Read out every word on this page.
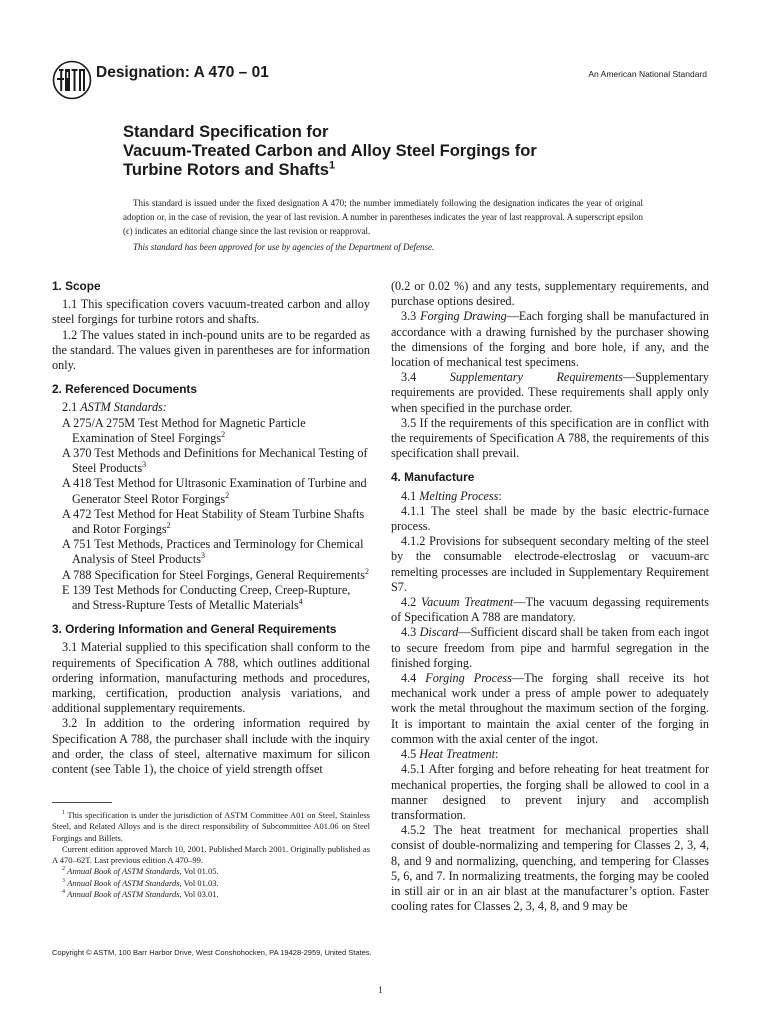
Designation: A 470 – 01	An American National Standard
Standard Specification for
Vacuum-Treated Carbon and Alloy Steel Forgings for
Turbine Rotors and Shafts$^1$
This standard is issued under the fixed designation A 470; the number immediately following the designation indicates the year of original adoption or, in the case of revision, the year of last revision. A number in parentheses indicates the year of last reapproval. A superscript epsilon (ϵ) indicates an editorial change since the last revision or reapproval.
This standard has been approved for use by agencies of the Department of Defense.
1. Scope

1.1 This specification covers vacuum-treated carbon and alloy steel forgings for turbine rotors and shafts.

1.2 The values stated in inch-pound units are to be regarded as the standard. The values given in parentheses are for information only.

2. Referenced Documents

2.1 ASTM Standards:

A 275/A 275M Test Method for Magnetic Particle Examination of Steel Forgings$^2$

A 370 Test Methods and Definitions for Mechanical Testing of Steel Products$^3$

A 418 Test Method for Ultrasonic Examination of Turbine and Generator Steel Rotor Forgings$^2$

A 472 Test Method for Heat Stability of Steam Turbine Shafts and Rotor Forgings$^2$

A 751 Test Methods, Practices and Terminology for Chemical Analysis of Steel Products$^3$

A 788 Specification for Steel Forgings, General Requirements$^2$

E 139 Test Methods for Conducting Creep, Creep-Rupture, and Stress-Rupture Tests of Metallic Materials$^4$

3. Ordering Information and General Requirements

3.1 Material supplied to this specification shall conform to the requirements of Specification A 788, which outlines additional ordering information, manufacturing methods and procedures, marking, certification, production analysis variations, and additional supplementary requirements.

3.2 In addition to the ordering information required by Specification A 788, the purchaser shall include with the inquiry and order, the class of steel, alternative maximum for silicon content (see Table 1), the choice of yield strength offset

(0.2 or 0.02 %) and any tests, supplementary requirements, and purchase options desired.

3.3 Forging Drawing—Each forging shall be manufactured in accordance with a drawing furnished by the purchaser showing the dimensions of the forging and bore hole, if any, and the location of mechanical test specimens.

3.4 Supplementary Requirements—Supplementary requirements are provided. These requirements shall apply only when specified in the purchase order.

3.5 If the requirements of this specification are in conflict with the requirements of Specification A 788, the requirements of this specification shall prevail.

4. Manufacture

4.1 Melting Process:

4.1.1 The steel shall be made by the basic electric-furnace process.

4.1.2 Provisions for subsequent secondary melting of the steel by the consumable electrode-electroslag or vacuum-arc remelting processes are included in Supplementary Requirement S7.

4.2 Vacuum Treatment—The vacuum degassing requirements of Specification A 788 are mandatory.

4.3 Discard—Sufficient discard shall be taken from each ingot to secure freedom from pipe and harmful segregation in the finished forging.

4.4 Forging Process—The forging shall receive its hot mechanical work under a press of ample power to adequately work the metal throughout the maximum section of the forging. It is important to maintain the axial center of the forging in common with the axial center of the ingot.

4.5 Heat Treatment:

4.5.1 After forging and before reheating for heat treatment for mechanical properties, the forging shall be allowed to cool in a manner designed to prevent injury and accomplish transformation.

4.5.2 The heat treatment for mechanical properties shall consist of double-normalizing and tempering for Classes 2, 3, 4, 8, and 9 and normalizing, quenching, and tempering for Classes 5, 6, and 7. In normalizing treatments, the forging may be cooled in still air or in an air blast at the manufacturer’s option. Faster cooling rates for Classes 2, 3, 4, 8, and 9 may be

$^1$ This specification is under the jurisdiction of ASTM Committee A01 on Steel, Stainless Steel, and Related Alloys and is the direct responsibility of Subcommittee A01.06 on Steel Forgings and Billets.
Current edition approved March 10, 2001. Published March 2001. Originally published as A 470–62T. Last previous edition A 470–99.
$^2$ Annual Book of ASTM Standards, Vol 01.05.
$^3$ Annual Book of ASTM Standards, Vol 01.03.
$^4$ Annual Book of ASTM Standards, Vol 03.01.
Copyright © ASTM, 100 Barr Harbor Drive, West Conshohocken, PA 19428-2959, United States.
1
